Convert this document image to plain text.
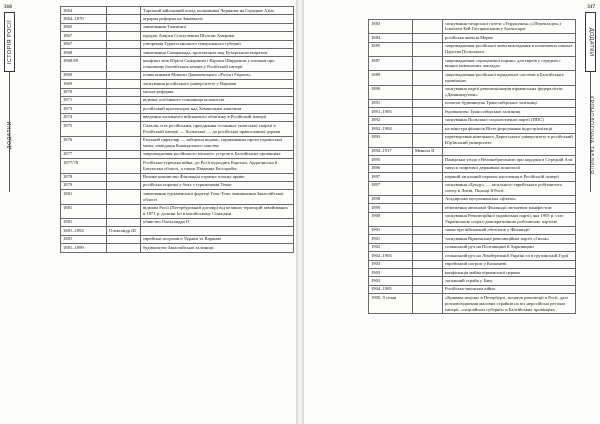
316
ІСТОРІЯ РОСІЇ
ДОДАТКИ
1864		Тарський військовий похід полковника Черняєва на Середню Азію
1864–1870		аграрна реформа на Закавказзі
1865		завоювання Ташкента
1867		продаж Аляски Сполученим Штатам Америки
1867		утворення Туркестанського генерального губернії
1868		завоювання Самарканда, протекторат над Бухарським еміратом
1868/69		конфлікт між Юрієм Самаріним і Карлом Ширреном у питанні про становище балтійських німців у Російській імперії
1869		поява книжки Миколи Данилевського «Росія і Європа»
1869		заснування російського університету у Варшаві
1870		міська реформа
1871		відміна особливого становища колоністів
1873		російський протекторат над Хівинським ханством
1874		введення загального військового обов'язку в Російській імперії
1875		Сахалін стає російським, приєднання останньої уніатської єпархії в Російській імперії — Холмської — до російської православної церкви
1876		Емський циркуляр — заборона видань, спрямованих проти української мови; ліквідація Кокандського ханства
1877		запровадження російського міського устрою в Балтійських провінціях
1877/78		Російсько-турецька війна; до Росії відходять Карська, Ардаганська й Батумська області, а також Південна Бессарабія
1878		Велике князівство Фінляндія отримує власну армію
1879		російська поразка у боях з туркменами Текке
1881		завоювання туркменської фортеці Геок-Тепе, виникнення Закаспійської області
1881		відмова Росії (Петербурзький договір) від великих територій завойованих в 1871 р. долини Ілі в китайському Сіньцзяні
1881		убивство Олександра II
1881–1894	Олександр III	
1881		єврейські погроми в Україні та Варшаві
1881–1899		будівництво Закаспійської залізниці
317
ДОДАТКИ
ХРОНОЛОГІЧНА ТАБЛИЦЯ
1883		заснування татарської газети «Терджуман» («Перекладач») Ісмаїлом Бей Гаспринським у Бахчисараї
1884		російська анексія Мерва
1885		запровадження російської мови викладання в початкових школах Царства Польського
1887		запровадження «процентної норми» для євреїв у середніх і вищих навчальних закладах
1889		запровадження російської юридичної системи в Балтійських провінціях
1890		заснування партії революціонерів вірменських федералістів «Дашнакцутюн»
1891		початок будівництва Транссибірської залізниці
1891–1903		будівництво Транссибірської залізниці
1892		заснування Польської соціалістичної партії (ППС)
1892–1904		на міністра фінансів Вітте форсування індустріалізації
1893		перетворення німецького Дерптського університету в російський Юр'ївський університет
1894–1917	Микола II	
1895		Памірська угода з Великобританією про кордони в Середній Азії
1896		запуск спиртової державної монополії
1897		перший загальний перепис населення в Російській імперії
1897		заснування «Бунду» — загального єврейського робітничого союзу в Литві, Польщі й Росії
1898		Агадирська мусульманська «ф'ятва»
1899		обмеження автономії Фінляндії лютневим маніфестом
1900		заснування Революційної української партії, яка 1905 р. стає Українською соціал-демократичною робітничою партією
1901		закон про військовий обов'язок у Фінляндії
1901		заснування Вірменської революційної партії «Гнчак»
1902		селянський рух на Полтавщині й Харківщині
1902–1904		селянський рух на Лівобережній Україні та в грузинській Гурії
1903		єврейський погром у Кишиневі
1903		конфіскація майна вірменської церкви
1903		загальний страйк у Баку
1904–1905		Російсько-японська війна
1905, 9 січня		«Кривава неділя» в Петербурзі, початок революції в Росії, далі розповсюдження масових страйків на всі неросійські регіони імперії, «сицілійські губернії» в Балтійських провінціях
